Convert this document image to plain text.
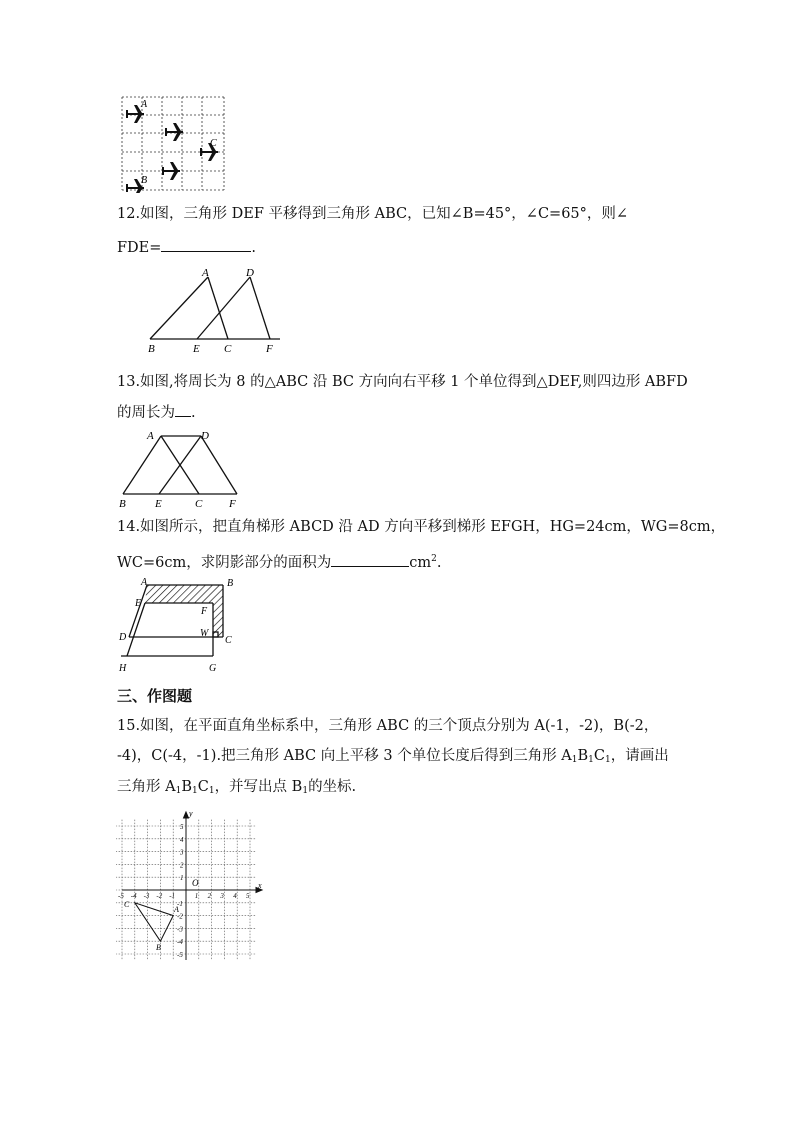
A
C
B
12.如图，三角形 DEF 平移得到三角形 ABC，已知∠B=45°，∠C=65°，则∠
FDE=	.
A	D
B	E C	F
13.如图,将周长为 8 的△ABC 沿 BC 方向向右平移 1 个单位得到△DEF,则四边形 ABFD
的周长为 .
A	D
B	E	C F
14.如图所示，把直角梯形 ABCD 沿 AD 方向平移到梯形 EFGH，HG=24cm，WG=8cm，
WC=6cm，求阴影部分的面积为	$cm^2$.
A	B
E
F
D	W
C
H	G
三、作图题
15.如图，在平面直角坐标系中，三角形 ABC 的三个顶点分别为 A(-1，-2)，B(-2，
-4)，C(-4，-1).把三角形 ABC 向上平移 3 个单位长度后得到三角形 $A_1B_1C_1$，请画出
三角形 $A_1B_1C_1$，并写出点 $B_1$的坐标.
-5 -4 -3 -2 -1	1 2 3 4 5
5
4
3
2
1
-1
-2
-3
-4
-5
x
y
O
A
B
C
